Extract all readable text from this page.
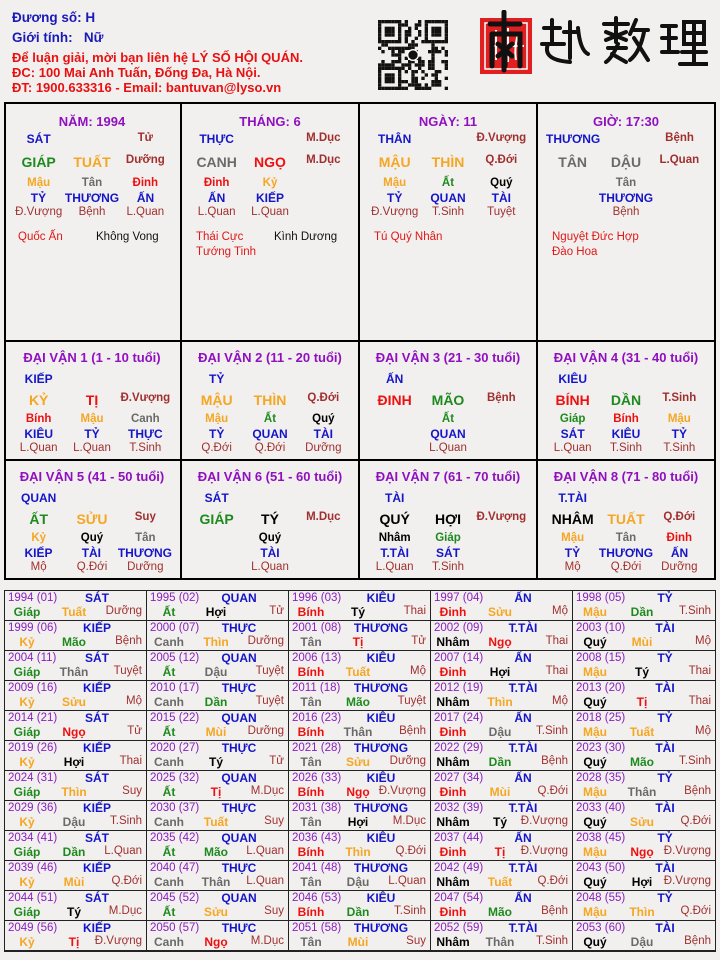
Đương số: H
Giới tính:   Nữ
Để luận giải, mời bạn liên hệ LÝ SỐ HỘI QUÁN.
ĐC: 100 Mai Anh Tuấn, Đống Đa, Hà Nội.
ĐT: 1900.633316 - Email: bantuvan@lyso.vn
NĂM: 1994
SÁT	Tử
GIÁP	TUẤT	Dưỡng
Mậu	Tân	Đinh
TỶ	THƯƠNG	ẤN
Đ.Vượng	Bệnh	L.Quan
Quốc Ấn	Không Vong
THÁNG: 6
THỰC	M.Dục
CANH	NGỌ	M.Dục
Đinh	Kỷ
ẤN	KIẾP
L.Quan	L.Quan
Thái Cực
Tướng Tinh
Kình Dương
NGÀY: 11
THÂN	Đ.Vượng
MẬU	THÌN	Q.Đới
Mậu	Ất	Quý
TỶ	QUAN	TÀI
Đ.Vượng	T.Sinh	Tuyệt
Tú Quý Nhân
GIỜ: 17:30
THƯƠNG	Bệnh
TÂN	DẬU	L.Quan
Tân
THƯƠNG
Bệnh
Nguyệt Đức Hợp
Đào Hoa
ĐẠI VẬN 1 (1 - 10 tuổi)
KIẾP
KỶ	TỊ	Đ.Vượng
Bính	Mậu	Canh
KIÊU	TỶ	THỰC
L.Quan	L.Quan	T.Sinh
ĐẠI VẬN 2 (11 - 20 tuổi)
TỶ
MẬU	THÌN	Q.Đới
Mậu	Ất	Quý
TỶ	QUAN	TÀI
Q.Đới	Q.Đới	Dưỡng
ĐẠI VẬN 3 (21 - 30 tuổi)
ẤN
ĐINH	MÃO	Bệnh
Ất
QUAN
L.Quan
ĐẠI VẬN 4 (31 - 40 tuổi)
KIÊU
BÍNH	DẦN	T.Sinh
Giáp	Bính	Mậu
SÁT	KIÊU	TỶ
L.Quan	T.Sinh	T.Sinh
ĐẠI VẬN 5 (41 - 50 tuổi)
QUAN
ẤT	SỬU	Suy
Kỷ	Quý	Tân
KIẾP	TÀI	THƯƠNG
Mộ	Q.Đới	Dưỡng
ĐẠI VẬN 6 (51 - 60 tuổi)
SÁT
GIÁP	TÝ	M.Dục
Quý
TÀI
L.Quan
ĐẠI VẬN 7 (61 - 70 tuổi)
TÀI
QUÝ	HỢI	Đ.Vượng
Nhâm	Giáp
T.TÀI	SÁT
L.Quan	T.Sinh
ĐẠI VẬN 8 (71 - 80 tuổi)
T.TÀI
NHÂM TUẤT	Q.Đới
Mậu	Tân	Đinh
TỶ	THƯƠNG	ẤN
Mộ	Q.Đới	Dưỡng
1994 (01)	SÁT
Giáp	Tuất	Dưỡng
1995 (02)	QUAN
Ất	Hợi	Tử
1996 (03)	KIÊU
Bính	Tý	Thai
1997 (04)	ẤN
Đinh	Sửu	Mộ
1998 (05)	TỶ
Mậu	Dần	T.Sinh
1999 (06)	KIẾP
Kỷ	Mão	Bệnh
2000 (07)	THỰC
Canh	Thìn	Dưỡng
2001 (08) THƯƠNG
Tân	Tị	Tử
2002 (09)	T.TÀI
Nhâm	Ngọ	Thai
2003 (10)	TÀI
Quý	Mùi	Mộ
2004 (11)	SÁT
Giáp	Thân	Tuyệt
2005 (12)	QUAN
Ất	Dậu	Tuyệt
2006 (13)	KIÊU
Bính	Tuất	Mộ
2007 (14)	ẤN
Đinh	Hợi	Thai
2008 (15)	TỶ
Mậu	Tý	Thai
2009 (16)	KIẾP
Kỷ	Sửu	Mộ
2010 (17)	THỰC
Canh	Dần	Tuyệt
2011 (18) THƯƠNG
Tân	Mão	Tuyệt
2012 (19)	T.TÀI
Nhâm	Thìn	Mộ
2013 (20)	TÀI
Quý	Tị	Thai
2014 (21)	SÁT
Giáp	Ngọ	Tử
2015 (22)	QUAN
Ất	Mùi	Dưỡng
2016 (23)	KIÊU
Bính	Thân	Bệnh
2017 (24)	ẤN
Đinh	Dậu	T.Sinh
2018 (25)	TỶ
Mậu	Tuất	Mộ
2019 (26)	KIẾP
Kỷ	Hợi	Thai
2020 (27)	THỰC
Canh	Tý	Tử
2021 (28) THƯƠNG
Tân	Sửu	Dưỡng
2022 (29)	T.TÀI
Nhâm	Dần	Bệnh
2023 (30)	TÀI
Quý	Mão	T.Sinh
2024 (31)	SÁT
Giáp	Thìn	Suy
2025 (32)	QUAN
Ất	Tị	M.Dục
2026 (33)	KIÊU
Bính	Ngọ Đ.Vượng
2027 (34)	ẤN
Đinh	Mùi	Q.Đới
2028 (35)	TỶ
Mậu	Thân	Bệnh
2029 (36)	KIẾP
Kỷ	Dậu	T.Sinh
2030 (37)	THỰC
Canh	Tuất	Suy
2031 (38) THƯƠNG
Tân	Hợi	M.Dục
2032 (39)	T.TÀI
Nhâm	Tý	Đ.Vượng
2033 (40)	TÀI
Quý	Sửu	Q.Đới
2034 (41)	SÁT
Giáp	Dần	L.Quan
2035 (42)	QUAN
Ất	Mão	L.Quan
2036 (43)	KIÊU
Bính	Thìn	Q.Đới
2037 (44)	ẤN
Đinh	Tị	Đ.Vượng
2038 (45)	TỶ
Mậu	Ngọ Đ.Vượng
2039 (46)	KIẾP
Kỷ	Mùi	Q.Đới
2040 (47)	THỰC
Canh	Thân	L.Quan
2041 (48) THƯƠNG
Tân	Dậu	L.Quan
2042 (49)	T.TÀI
Nhâm	Tuất	Q.Đới
2043 (50)	TÀI
Quý	Hợi	Đ.Vượng
2044 (51)	SÁT
Giáp	Tý	M.Dục
2045 (52)	QUAN
Ất	Sửu	Suy
2046 (53)	KIÊU
Bính	Dần	T.Sinh
2047 (54)	ẤN
Đinh	Mão	Bệnh
2048 (55)	TỶ
Mậu	Thìn	Q.Đới
2049 (56)	KIẾP
Kỷ	Tị	Đ.Vượng
2050 (57)	THỰC
Canh	Ngọ	M.Dục
2051 (58) THƯƠNG
Tân	Mùi	Suy
2052 (59)	T.TÀI
Nhâm	Thân	T.Sinh
2053 (60)	TÀI
Quý	Dậu	Bệnh
